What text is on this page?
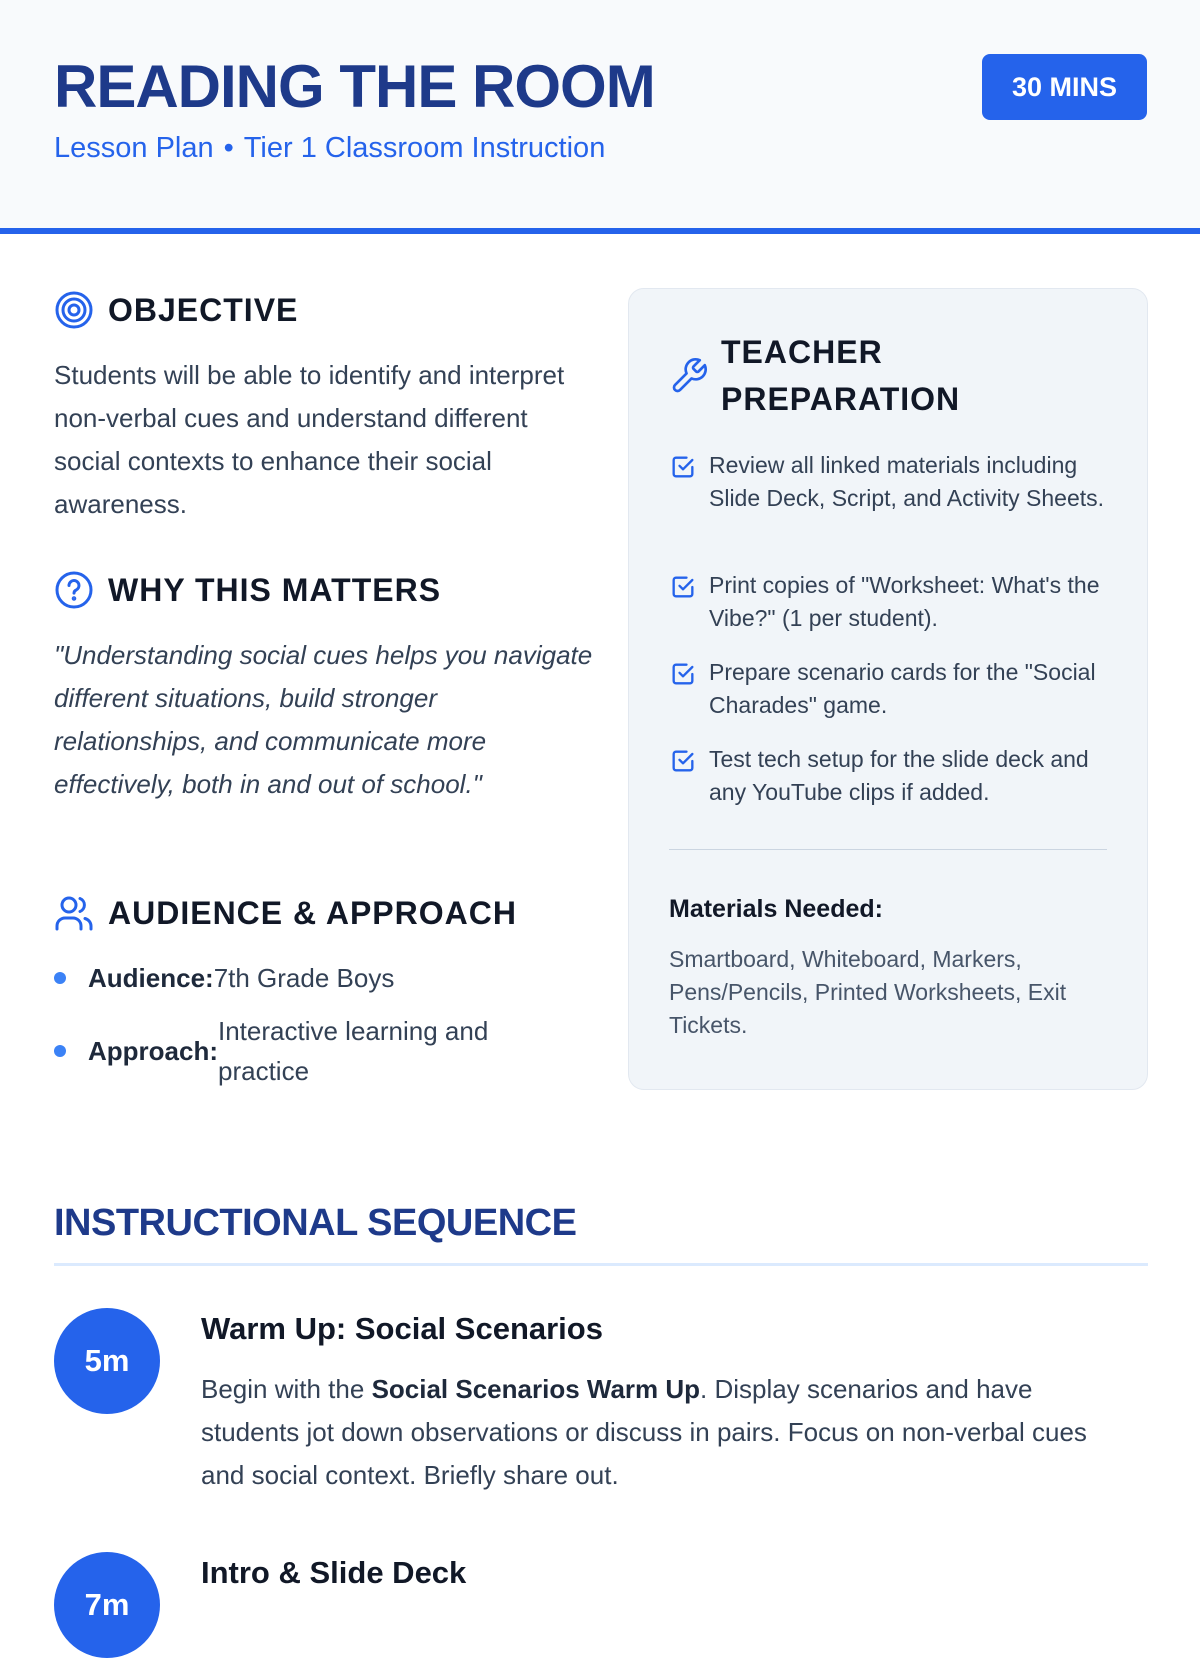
READING THE ROOM
Lesson Plan • Tier 1 Classroom Instruction
30 MINS
OBJECTIVE

Students will be able to identify and interpret non-verbal cues and understand different social contexts to enhance their social awareness.

WHY THIS MATTERS

"Understanding social cues helps you navigate different situations, build stronger relationships, and communicate more effectively, both in and out of school."

AUDIENCE & APPROACH
Audience: 7th Grade Boys
Approach:
Interactive learning and practice
TEACHER PREPARATION
Review all linked materials including Slide Deck, Script, and Activity Sheets.
Print copies of "Worksheet: What's the Vibe?" (1 per student).
Prepare scenario cards for the "Social Charades" game.
Test tech setup for the slide deck and any YouTube clips if added.
Materials Needed:

Smartboard, Whiteboard, Markers, Pens/Pencils, Printed Worksheets, Exit Tickets.

INSTRUCTIONAL SEQUENCE
5m
Warm Up: Social Scenarios

Begin with the Social Scenarios Warm Up. Display scenarios and have students jot down observations or discuss in pairs. Focus on non-verbal cues and social context. Briefly share out.

7m
Intro & Slide Deck
